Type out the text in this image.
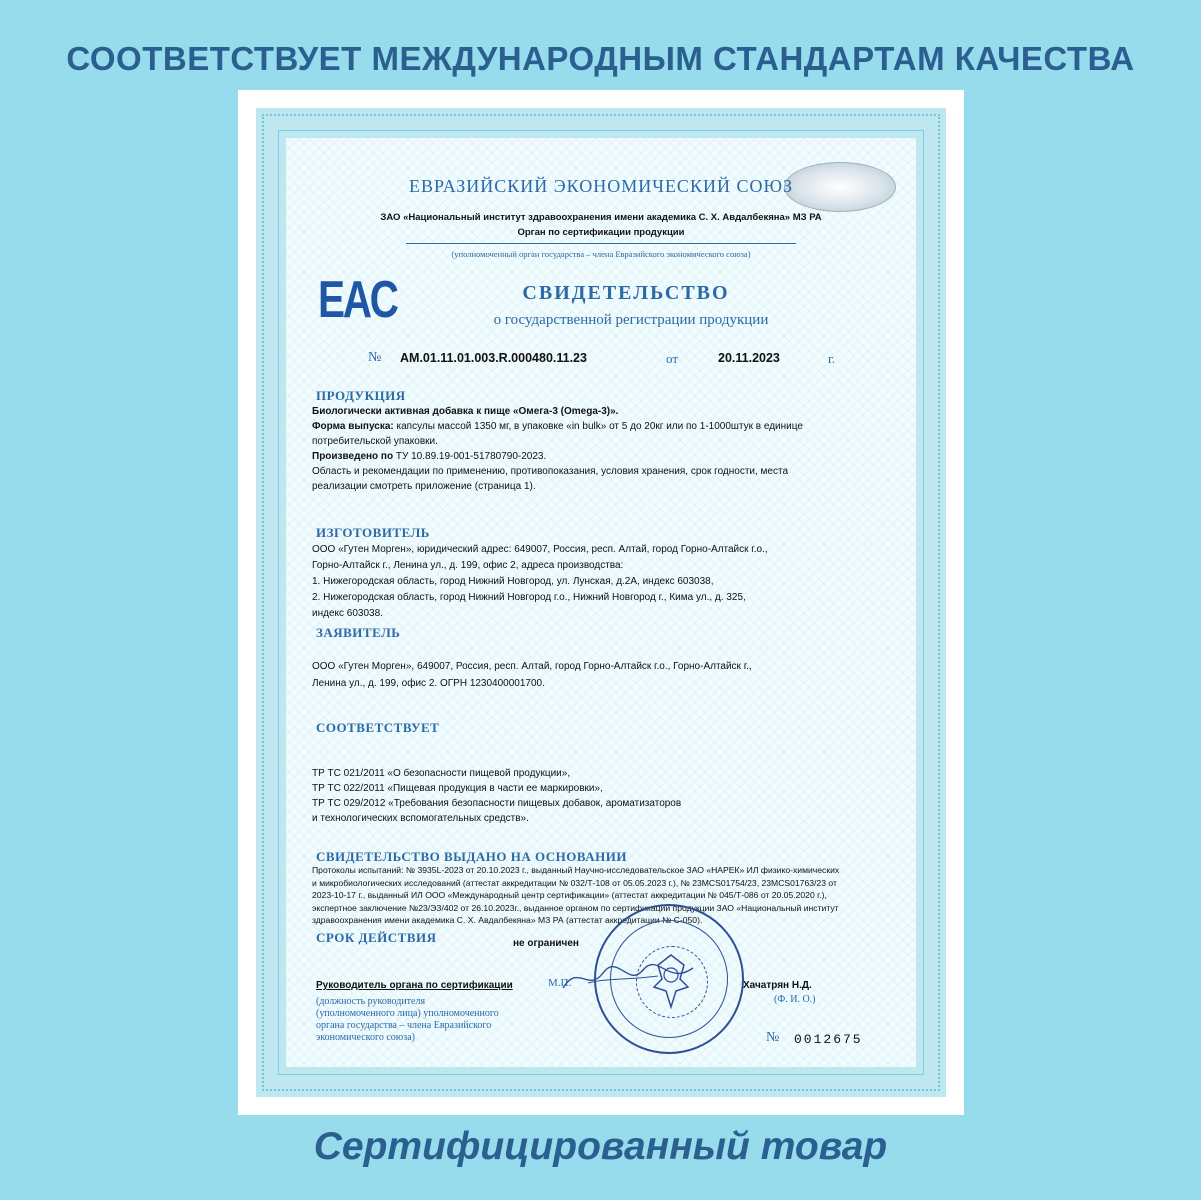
СООТВЕТСТВУЕТ МЕЖДУНАРОДНЫМ СТАНДАРТАМ КАЧЕСТВА
ЕВРАЗИЙСКИЙ ЭКОНОМИЧЕСКИЙ СОЮЗ
ЗАО «Национальный институт здравоохранения имени академика С. Х. Авдалбекяна» МЗ РА
Орган по сертификации продукции
(уполномоченный орган государства – члена Евразийского экономического союза)
EAC	СВИДЕТЕЛЬСТВО
о государственной регистрации продукции
№ AM.01.11.01.003.R.000480.11.23	от	20.11.2023	г.
ПРОДУКЦИЯ
Биологически активная добавка к пище «Омега-3 (Omega-3)».
Форма выпуска: капсулы массой 1350 мг, в упаковке «in bulk» от 5 до 20кг или по 1-1000штук в единице
потребительской упаковки.
Произведено по ТУ 10.89.19-001-51780790-2023.
Область и рекомендации по применению, противопоказания, условия хранения, срок годности, места
реализации смотреть приложение (страница 1).
ИЗГОТОВИТЕЛЬ
ООО «Гутен Морген», юридический адрес: 649007, Россия, респ. Алтай, город Горно-Алтайск г.о.,
Горно-Алтайск г., Ленина ул., д. 199, офис 2, адреса производства:
1. Нижегородская область, город Нижний Новгород, ул. Лунская, д.2А, индекс 603038,
2. Нижегородская область, город Нижний Новгород г.о., Нижний Новгород г., Кима ул., д. 325,
индекс 603038.
ЗАЯВИТЕЛЬ
ООО «Гутен Морген», 649007, Россия, респ. Алтай, город Горно-Алтайск г.о., Горно-Алтайск г.,
Ленина ул., д. 199, офис 2. ОГРН 1230400001700.
СООТВЕТСТВУЕТ
ТР ТС 021/2011 «О безопасности пищевой продукции»,
ТР ТС 022/2011 «Пищевая продукция в части ее маркировки»,
ТР ТС 029/2012 «Требования безопасности пищевых добавок, ароматизаторов
и технологических вспомогательных средств».
СВИДЕТЕЛЬСТВО ВЫДАНО НА ОСНОВАНИИ
Протоколы испытаний: № 3935L-2023 от 20.10.2023 г., выданный Научно-исследовательское ЗАО «НАРЕК» ИЛ физико-химических
и микробиологических исследований (аттестат аккредитации № 032/Т-108 от 05.05.2023 г.), № 23MCS01754/23, 23MCS01763/23 от
2023-10-17 г., выданный ИЛ ООО «Международный центр сертификации» (аттестат аккредитации № 045/Т-086 от 20.05.2020 г.),
экспертное заключение №23/ЭЗ/402 от 26.10.2023г., выданное органом по сертификации продукции ЗАО «Национальный институт
здравоохранения имени академика С. Х. Авдалбекяна» МЗ РА (аттестат аккредитации № С-050).
СРОК ДЕЙСТВИЯ	не ограничен
Руководитель органа по сертификации	М.П.	Хачатрян Н.Д.
(Ф. И. О.)
(должность руководителя
(уполномоченного лица) уполномоченного
органа государства – члена Евразийского
экономического союза)	№ 0012675
Сертифицированный товар
